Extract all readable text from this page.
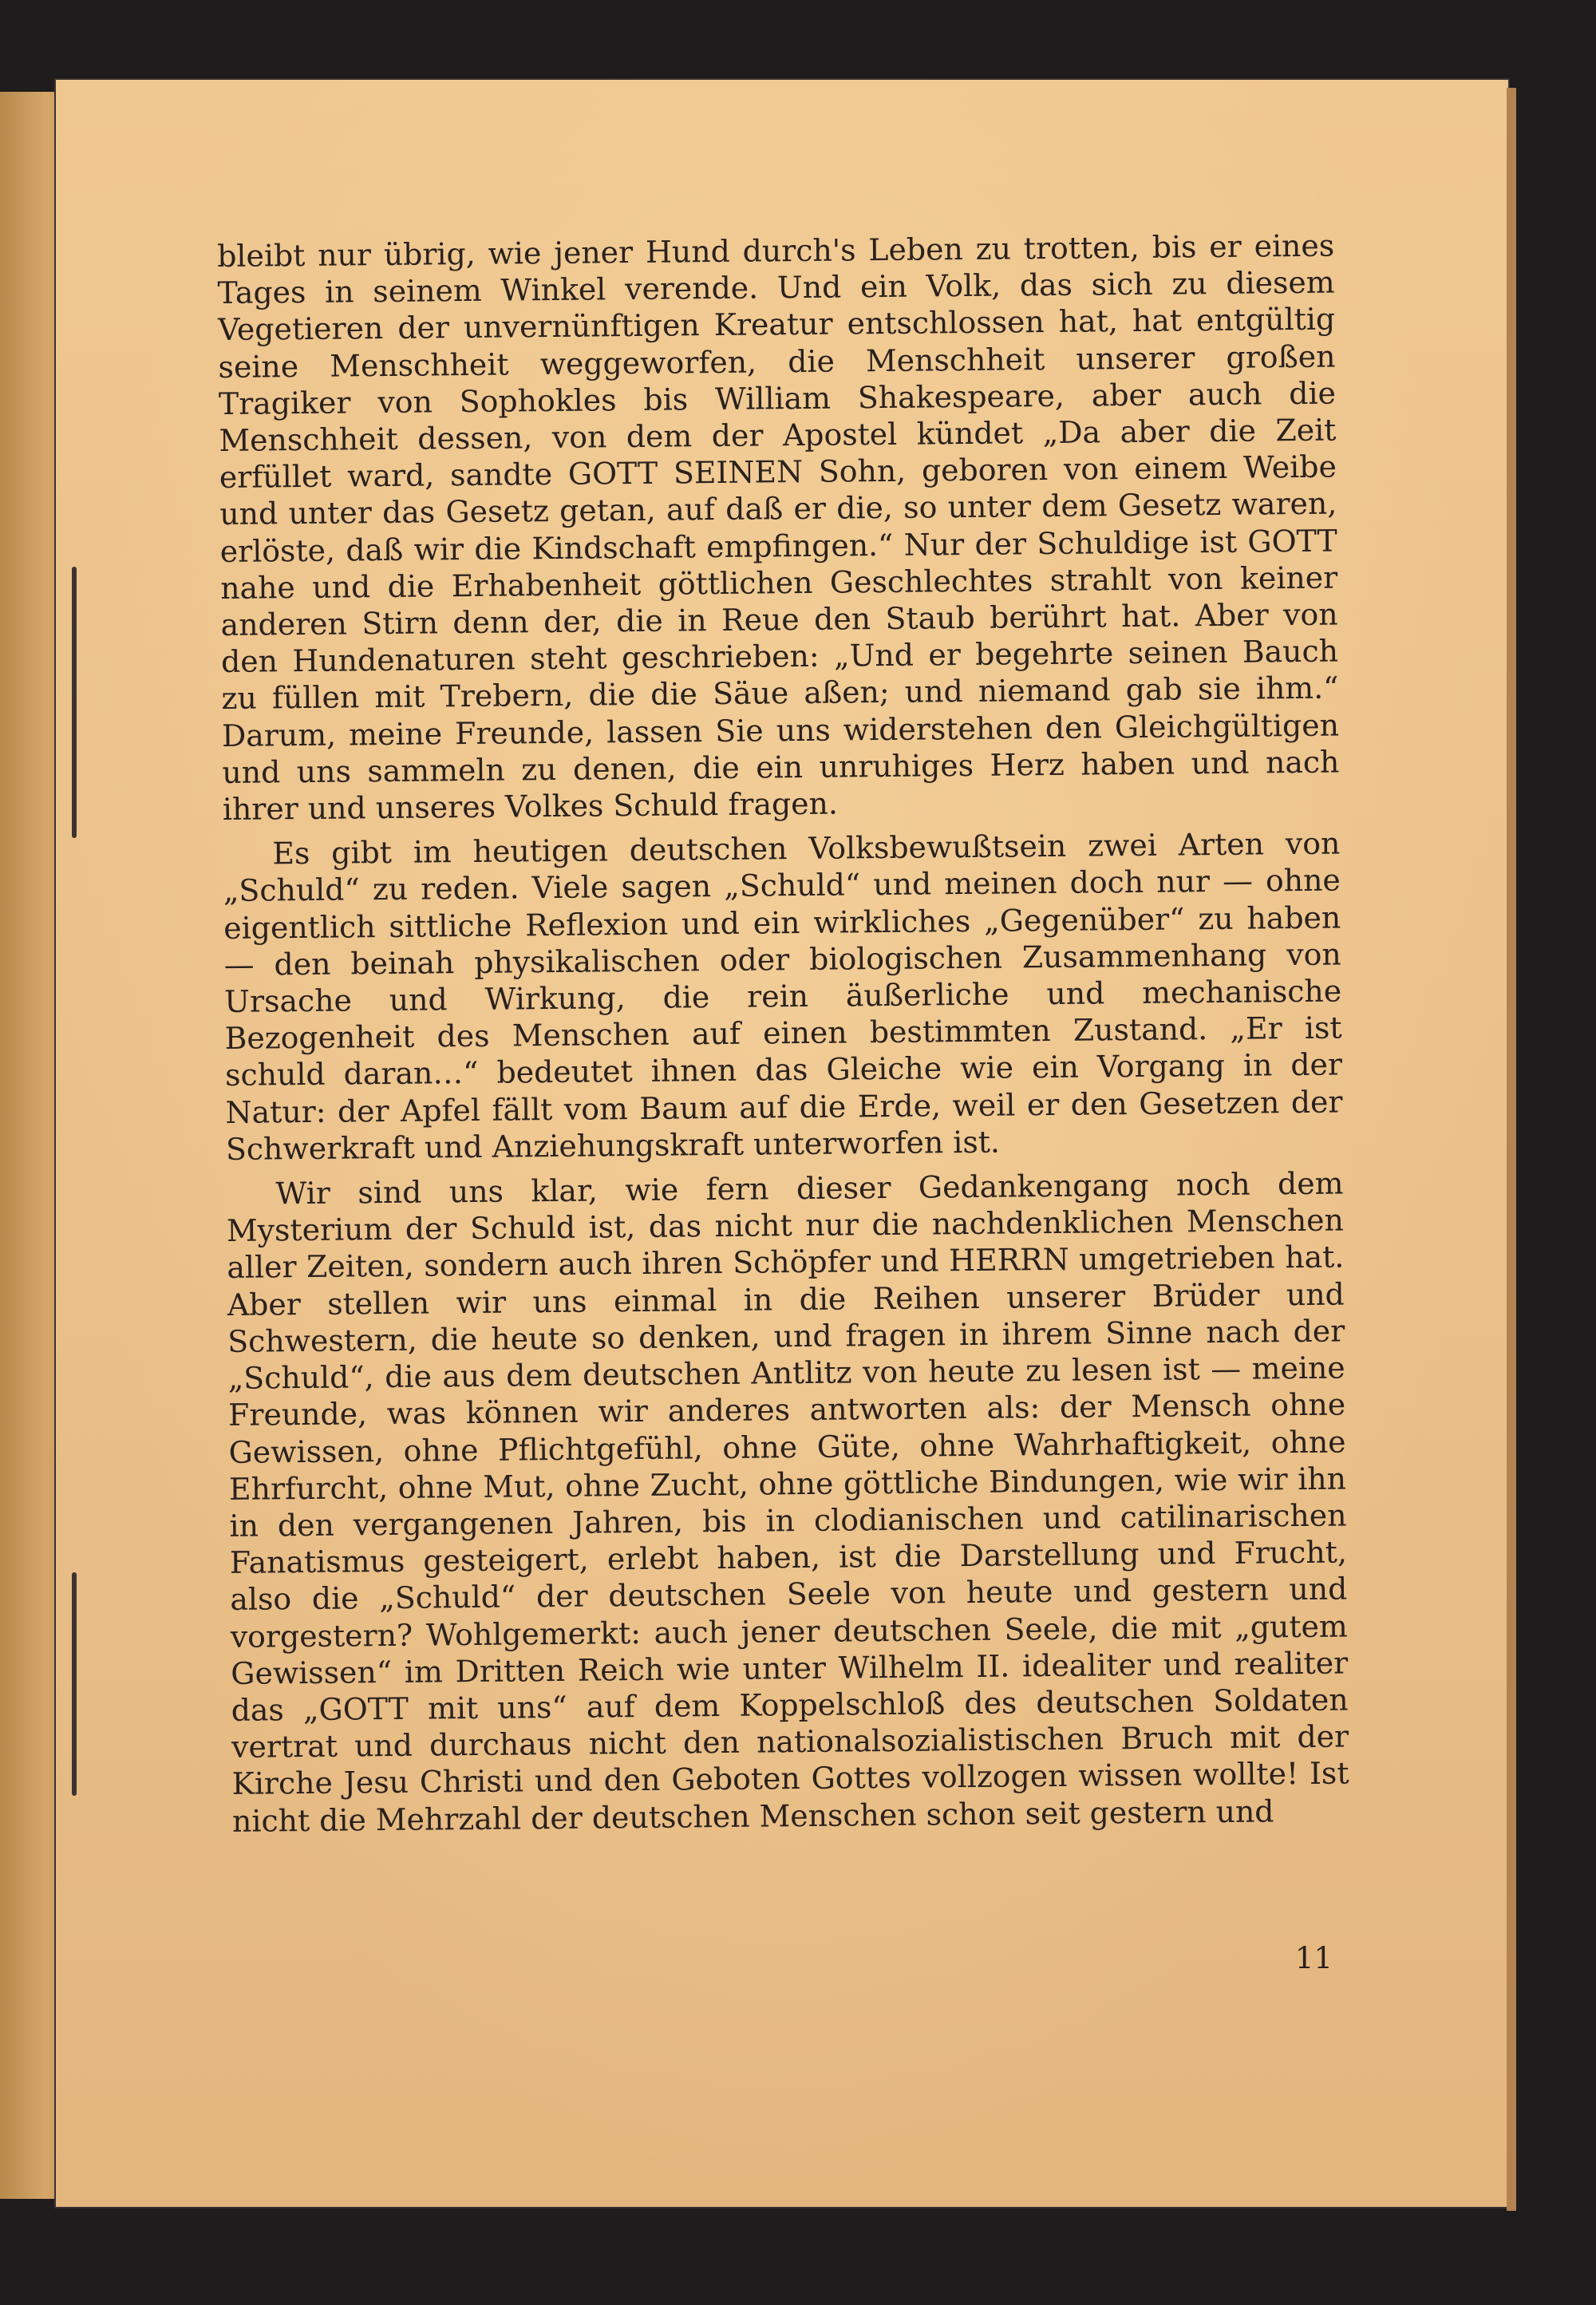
bleibt nur übrig, wie jener Hund durch's Leben zu trotten, bis er eines Tages in seinem Winkel verende. Und ein Volk, das sich zu diesem Vegetieren der unvernünftigen Kreatur entschlossen hat, hat entgültig seine Menschheit weggeworfen, die Menschheit unserer großen Tragiker von Sophokles bis William Shakespeare, aber auch die Menschheit dessen, von dem der Apostel kündet „Da aber die Zeit erfüllet ward, sandte GOTT SEINEN Sohn, geboren von einem Weibe und unter das Gesetz getan, auf daß er die, so unter dem Gesetz waren, erlöste, daß wir die Kindschaft empfingen.“ Nur der Schuldige ist GOTT nahe und die Erhabenheit göttlichen Geschlechtes strahlt von keiner anderen Stirn denn der, die in Reue den Staub berührt hat. Aber von den Hundenaturen steht geschrieben: „Und er begehrte seinen Bauch zu füllen mit Trebern, die die Säue aßen; und niemand gab sie ihm.“ Darum, meine Freunde, lassen Sie uns widerstehen den Gleichgültigen und uns sammeln zu denen, die ein unruhiges Herz haben und nach ihrer und unseres Volkes Schuld fragen.

Es gibt im heutigen deutschen Volksbewußtsein zwei Arten von „Schuld“ zu reden. Viele sagen „Schuld“ und meinen doch nur — ohne eigentlich sittliche Reflexion und ein wirkliches „Gegenüber“ zu haben — den beinah physikalischen oder biologischen Zusammenhang von Ursache und Wirkung, die rein äußerliche und mechanische Bezogenheit des Menschen auf einen bestimmten Zustand. „Er ist schuld daran…“ bedeutet ihnen das Gleiche wie ein Vorgang in der Natur: der Apfel fällt vom Baum auf die Erde, weil er den Gesetzen der Schwerkraft und Anziehungskraft unterworfen ist.

Wir sind uns klar, wie fern dieser Gedankengang noch dem Mysterium der Schuld ist, das nicht nur die nachdenklichen Menschen aller Zeiten, sondern auch ihren Schöpfer und HERRN umgetrieben hat. Aber stellen wir uns einmal in die Reihen unserer Brüder und Schwestern, die heute so denken, und fragen in ihrem Sinne nach der „Schuld“, die aus dem deutschen Antlitz von heute zu lesen ist — meine Freunde, was können wir anderes antworten als: der Mensch ohne Gewissen, ohne Pflichtgefühl, ohne Güte, ohne Wahrhaftigkeit, ohne Ehrfurcht, ohne Mut, ohne Zucht, ohne göttliche Bindungen, wie wir ihn in den vergangenen Jahren, bis in clodianischen und catilinarischen Fanatismus gesteigert, erlebt haben, ist die Darstellung und Frucht, also die „Schuld“ der deutschen Seele von heute und gestern und vorgestern? Wohlgemerkt: auch jener deutschen Seele, die mit „gutem Gewissen“ im Dritten Reich wie unter Wilhelm II. idealiter und realiter das „GOTT mit uns“ auf dem Koppelschloß des deutschen Soldaten vertrat und durchaus nicht den nationalsozialistischen Bruch mit der Kirche Jesu Christi und den Geboten Gottes vollzogen wissen wollte! Ist nicht die Mehrzahl der deutschen Menschen schon seit gestern und

11
